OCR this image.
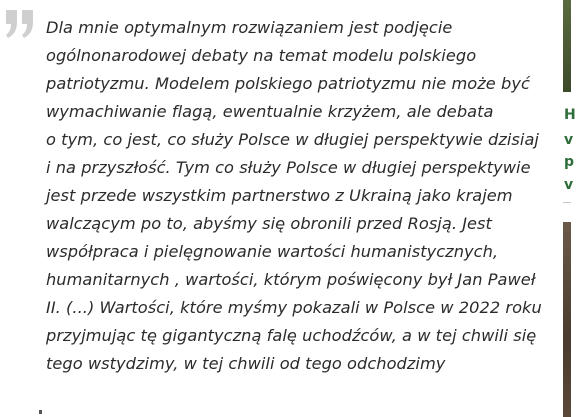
Dla mnie optymalnym rozwiązaniem jest podjęcie
ogólnonarodowej debaty na temat modelu polskiego
patriotyzmu. Modelem polskiego patriotyzmu nie może być
wymachiwanie flagą, ewentualnie krzyżem, ale debata
o tym, co jest, co służy Polsce w długiej perspektywie dzisiaj
i na przyszłość. Tym co służy Polsce w długiej perspektywie
jest przede wszystkim partnerstwo z Ukrainą jako krajem
walczącym po to, abyśmy się obronili przed Rosją. Jest
współpraca i pielęgnowanie wartości humanistycznych,
humanitarnych , wartości, którym poświęcony był Jan Paweł
II. (...) Wartości, które myśmy pokazali w Polsce w 2022 roku
przyjmując tę gigantyczną falę uchodźców, a w tej chwili się
tego wstydzimy, w tej chwili od tego odchodzimy
H
v
p
v
